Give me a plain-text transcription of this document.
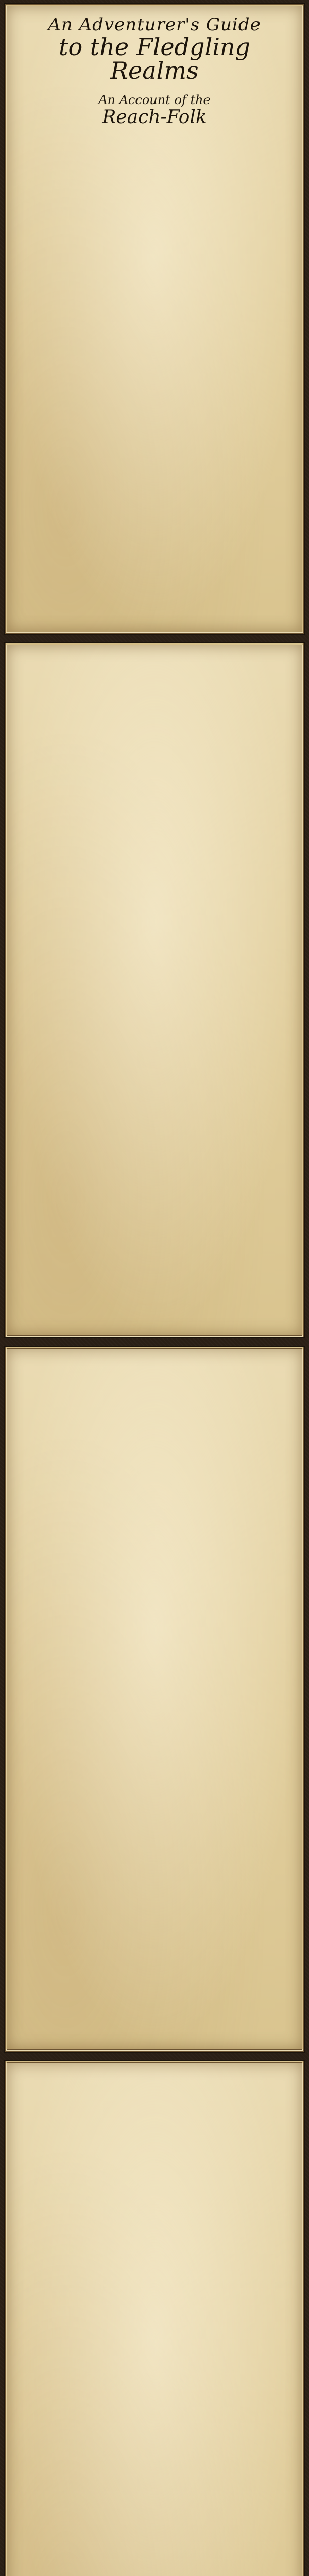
An Adventurer's Guide
to the Fledgling Realms
An Account of the
Reach-Folk
